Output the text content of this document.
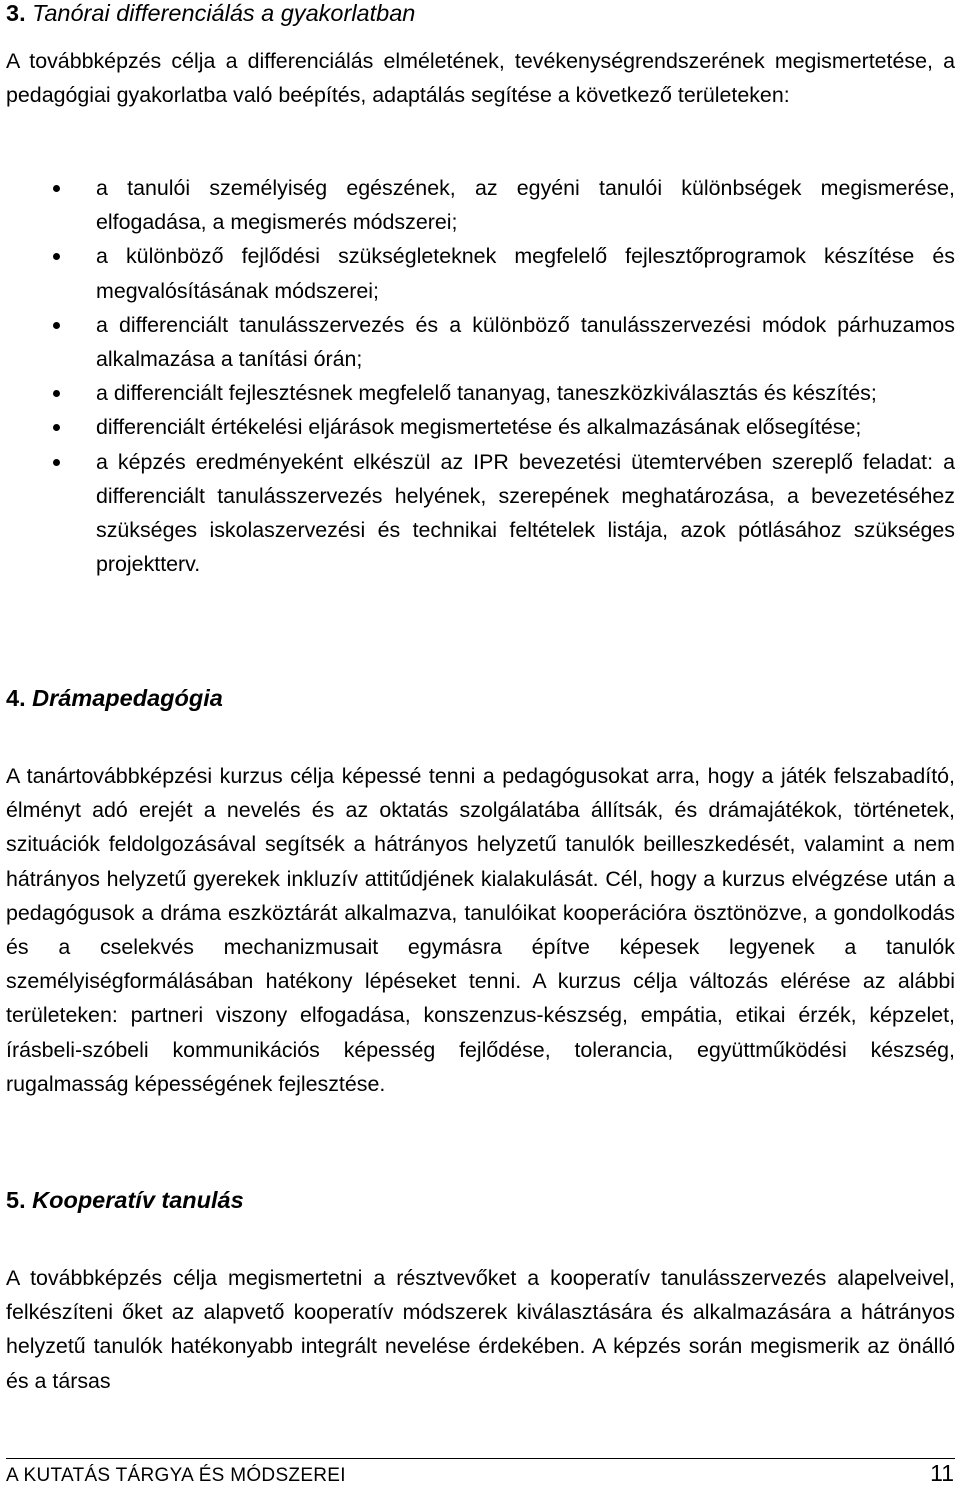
3. Tanórai differenciálás a gyakorlatban

A továbbképzés célja a differenciálás elméletének, tevékenységrendszerének megismertetése, a pedagógiai gyakorlatba való beépítés, adaptálás segítése a következő területeken:

a tanulói személyiség egészének, az egyéni tanulói különbségek megismerése, elfogadása, a megismerés módszerei;
a különböző fejlődési szükségleteknek megfelelő fejlesztőprogramok készítése és megvalósításának módszerei;
a differenciált tanulásszervezés és a különböző tanulásszervezési módok párhuzamos alkalmazása a tanítási órán;
a differenciált fejlesztésnek megfelelő tananyag, taneszközkiválasztás és készítés;
differenciált értékelési eljárások megismertetése és alkalmazásának elősegítése;
a képzés eredményeként elkészül az IPR bevezetési ütemtervében szereplő feladat: a differenciált tanulásszervezés helyének, szerepének meghatározása, a bevezetéséhez szükséges iskolaszervezési és technikai feltételek listája, azok pótlásához szükséges projektterv.
4. Drámapedagógia

A tanártovábbképzési kurzus célja képessé tenni a pedagógusokat arra, hogy a játék felszabadító, élményt adó erejét a nevelés és az oktatás szolgálatába állítsák, és drámajátékok, történetek, szituációk feldolgozásával segítsék a hátrányos helyzetű tanulók beilleszkedését, valamint a nem hátrányos helyzetű gyerekek inkluzív attitűdjének kialakulását. Cél, hogy a kurzus elvégzése után a pedagógusok a dráma eszköztárát alkalmazva, tanulóikat kooperációra ösztönözve, a gondolkodás és a cselekvés mechanizmusait egymásra építve képesek legyenek a tanulók személyiségformálásában hatékony lépéseket tenni. A kurzus célja változás elérése az alábbi területeken: partneri viszony elfogadása, konszenzus-készség, empátia, etikai érzék, képzelet, írásbeli-szóbeli kommunikációs képesség fejlődése, tolerancia, együttműködési készség, rugalmasság képességének fejlesztése.

5. Kooperatív tanulás

A továbbképzés célja megismertetni a résztvevőket a kooperatív tanulásszervezés alapelveivel, felkészíteni őket az alapvető kooperatív módszerek kiválasztására és alkalmazására a hátrányos helyzetű tanulók hatékonyabb integrált nevelése érdekében. A képzés során megismerik az önálló és a társas

A KUTATÁS TÁRGYA ÉS MÓDSZEREI	11
